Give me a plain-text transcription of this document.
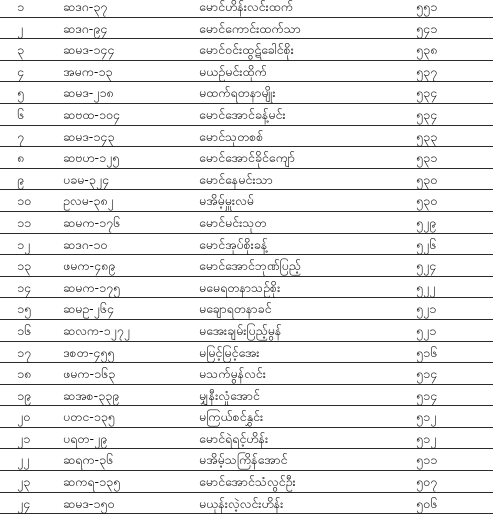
၁	ဆဒဂ-၃၇	မောင်ဟိန်းလင်းထက်	၅၅၁
၂	ဆဒဂ-၉၄	မောင်ကောင်းထက်သာ	၅၄၁
၃	ဆမဒ-၁၄၄	မောင်ဝင်းထွဋ်ခေါင်စိုး	၅၃၈
၄	အမက-၁၃	မယဉ်မင်းထိုက်	၅၃၇
၅	ဆမဒ-၂၁၈	မထက်ရတနာမျိုး	၅၃၄
၆	ဆဗထ-၁၀၄	မောင်အောင်ခန့်မင်း	၅၃၄
၇	ဆမဒ-၁၄၃	မောင်သုတစစ်	၅၃၃
၈	ဆဗဟ-၁၂၅	မောင်အောင်ခိုင်ကျော်	၅၃၁
၉	ပခမ-၃၂၄	မောင်နေမင်းသာ	၅၃၀
၁၀	ဥလမ-၃၈၂	မအိမ့်မှူးလမ်	၅၃၀
၁၁	ဆမက-၁၇၆	မောင်မင်းသုတ	၅၂၉
၁၂	ဆဒဂ-၁၀	မောင်အုပ်စိုးခန့်	၅၂၆
၁၃	ဖမက-၄၈၉	မောင်အောင်ဘုဏ်ပြည့်	၅၂၄
၁၄	ဆမက-၁၇၅	မမေရတနာသဉ်စိုး	၅၂၂
၁၅	ဆမဥ-၂၆၄	မချောရတနာခင်	၅၂၁
၁၆	ဆလက-၁၂၇၂	မအေးချမ်းပြည့်မွန်	၅၂၁
၁၇	ဒစတ-၄၅၅	မမြင့်မြင့်အေး	၅၁၆
၁၈	ဖမက-၁၆၃	မသက်မွန်လင်း	၅၁၄
၁၉	ဆအစ-၃၃၉	မျှနီးလှုံအောင်	၅၁၄
၂၀	ပတင-၁၃၅	မကြယ်စင်နွှင်း	၅၁၂
၂၁	ပရတ-၂၉	မောင်ရဲရင့်ဟိန်း	၅၁၂
၂၂	ဆရက-၃၆	မအိမ့်သကြိန်အောင်	၅၁၁
၂၃	ဆကရ-၁၃၅	မောင်အောင်သံလွင်ဦး	၅၀၇
၂၄	ဆမဒ-၁၅၀	မယုန်းလဲ့လင်းဟိန်း	၅၀၆
